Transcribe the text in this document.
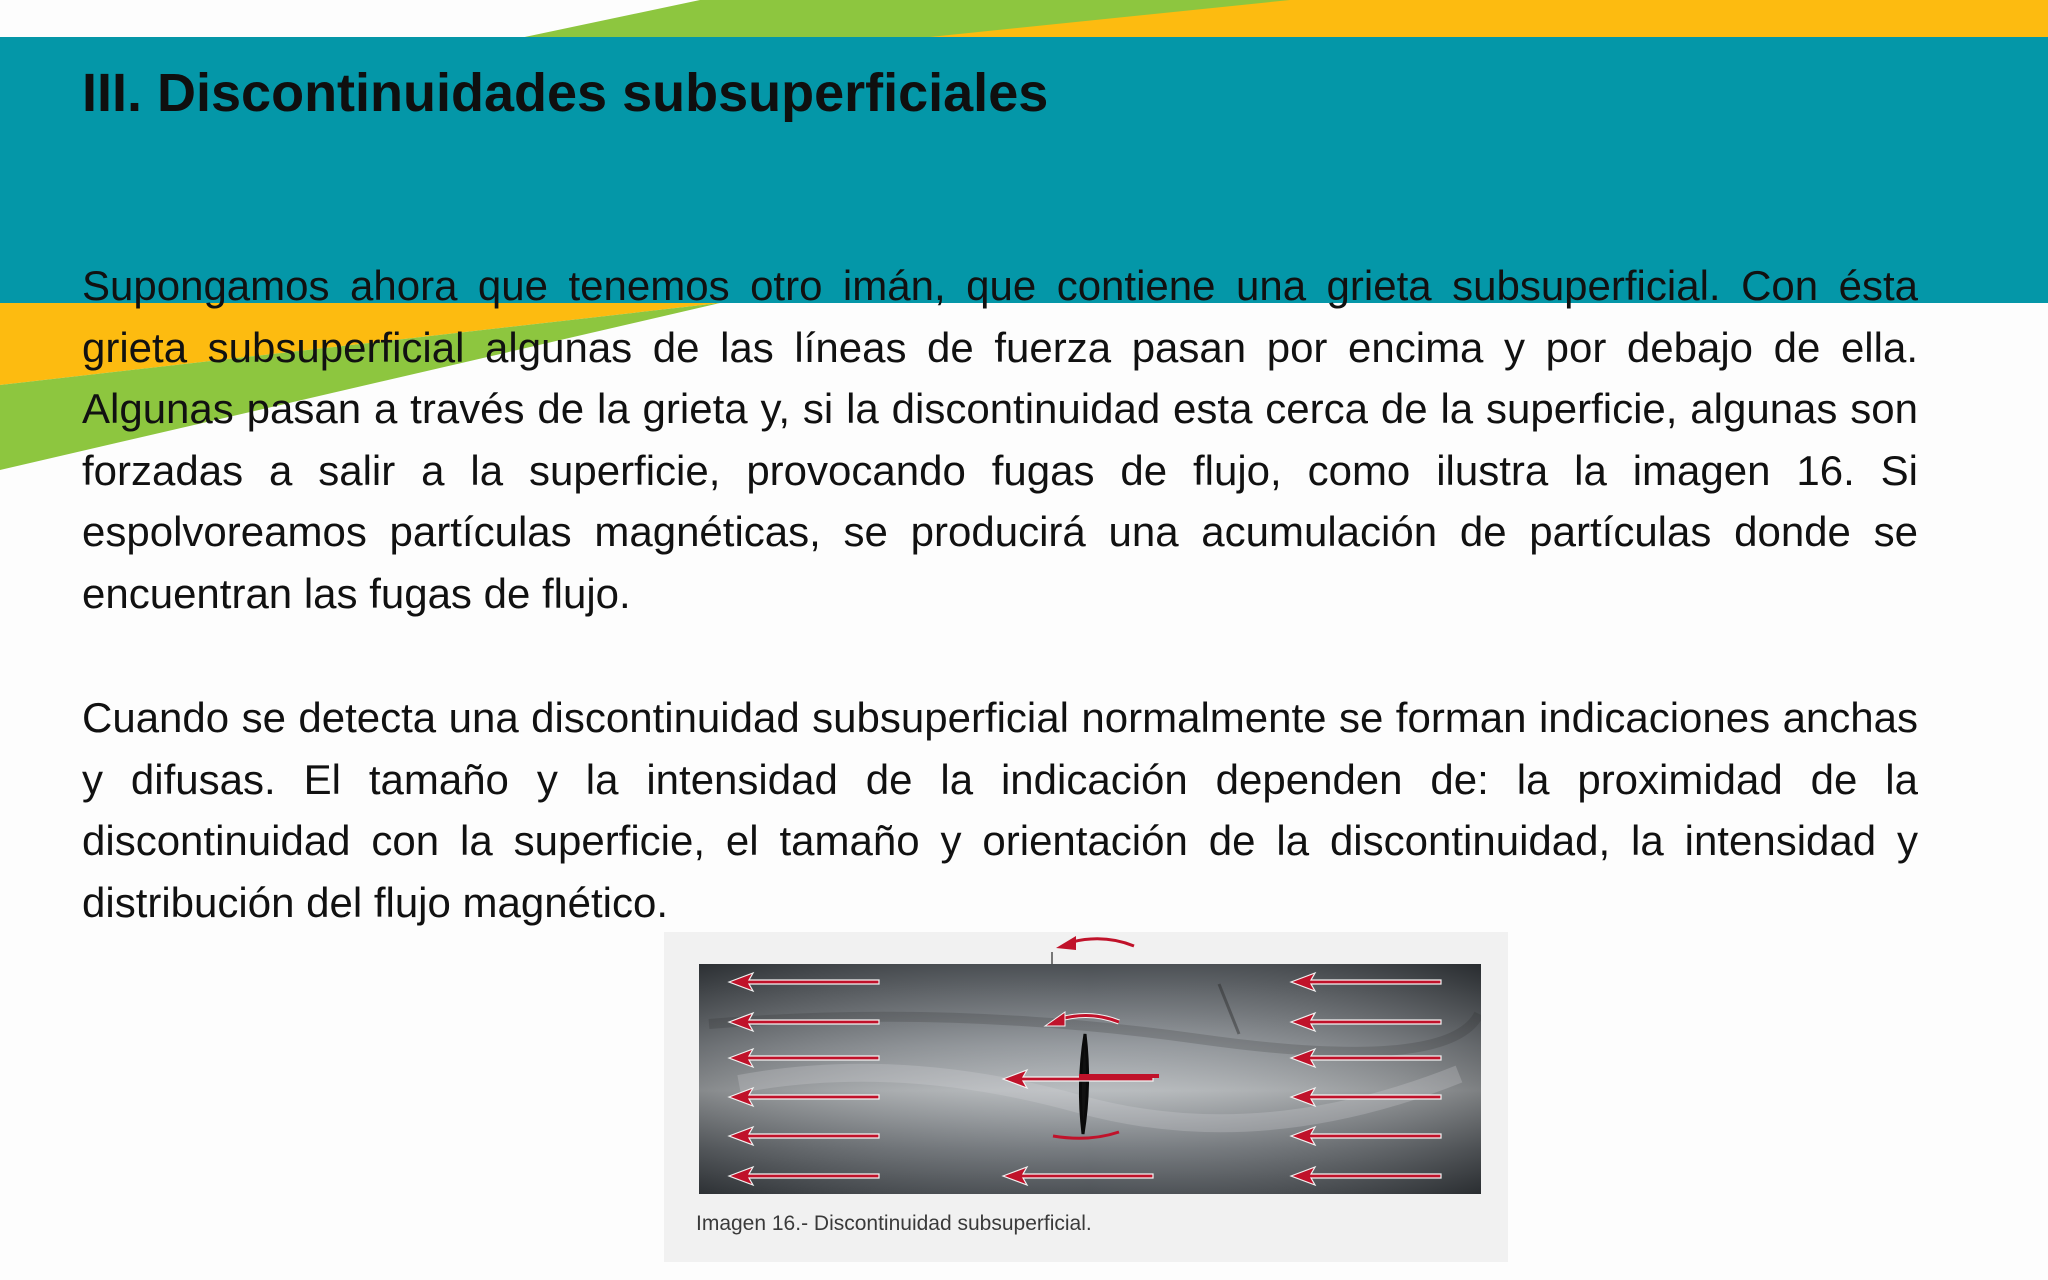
III. Discontinuidades subsuperficiales

Supongamos ahora que tenemos otro imán, que contiene una grieta subsuperficial. Con ésta grieta subsuperficial algunas de las líneas de fuerza pasan por encima y por debajo de ella. Algunas pasan a través de la grieta y, si la discontinuidad esta cerca de la superficie, algunas son forzadas a salir a la superficie, provocando fugas de flujo, como ilustra la imagen 16. Si espolvoreamos partículas magnéticas, se producirá una acumulación de partículas donde se encuentran las fugas de flujo.

Cuando se detecta una discontinuidad subsuperficial normalmente se forman indicaciones anchas y difusas. El tamaño y la intensidad de la indicación dependen de: la proximidad de la discontinuidad con la superficie, el tamaño y orientación de la discontinuidad, la intensidad y distribución del flujo magnético.

Imagen 16.- Discontinuidad subsuperficial.
